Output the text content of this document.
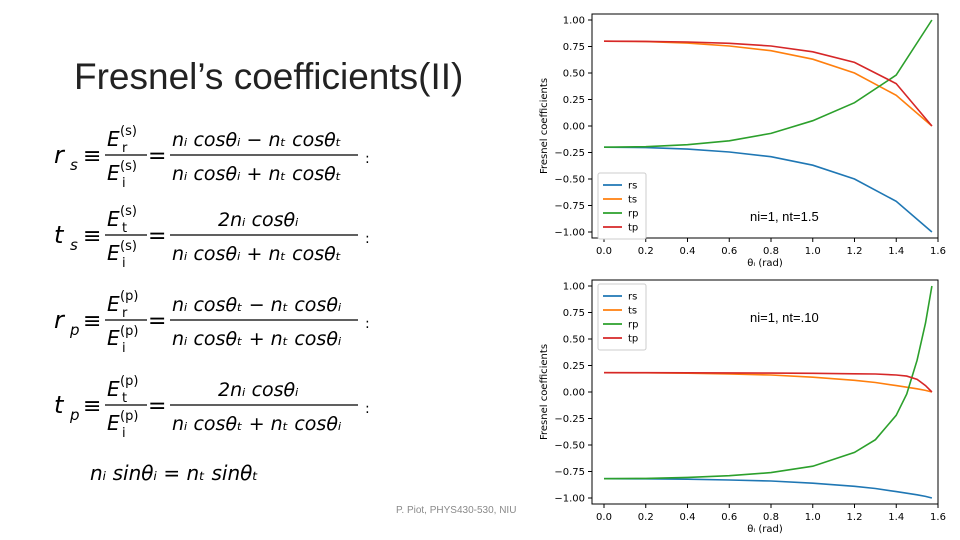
Fresnel’s coefficients(II)
r s ≡
E (s)
r
E (s)
i
=
nᵢ cosθᵢ − nₜ cosθₜ
nᵢ cosθᵢ + nₜ cosθₜ
:
t s ≡
E (s)
t
E (s)
i
=
2nᵢ cosθᵢ
nᵢ cosθᵢ + nₜ cosθₜ
:
r p ≡
E (p)
r
E (p)
i
=
nᵢ cosθₜ − nₜ cosθᵢ
nᵢ cosθₜ + nₜ cosθᵢ
:
t p ≡
E (p)
t
E (p)
i
=
2nᵢ cosθᵢ
nᵢ cosθₜ + nₜ cosθᵢ
:
nᵢ sinθᵢ = nₜ sinθₜ
1.00
0.75
0.50
0.25
0.00
−0.25
−0.50
−0.75
−1.00
0.0	0.2	0.4	0.6	0.8	1.0	1.2	1.4	1.6
Fresnel coefficients
θᵢ (rad)
rs
ts
rp
tp
ni=1, nt=1.5
1.00
0.75
0.50
0.25
0.00
−0.25
−0.50
−0.75
−1.00
0.0	0.2	0.4	0.6	0.8	1.0	1.2	1.4	1.6
Fresnel coefficients
θᵢ (rad)
rs
ts
rp
tp
ni=1, nt=.10
P. Piot, PHYS430-530, NIU
